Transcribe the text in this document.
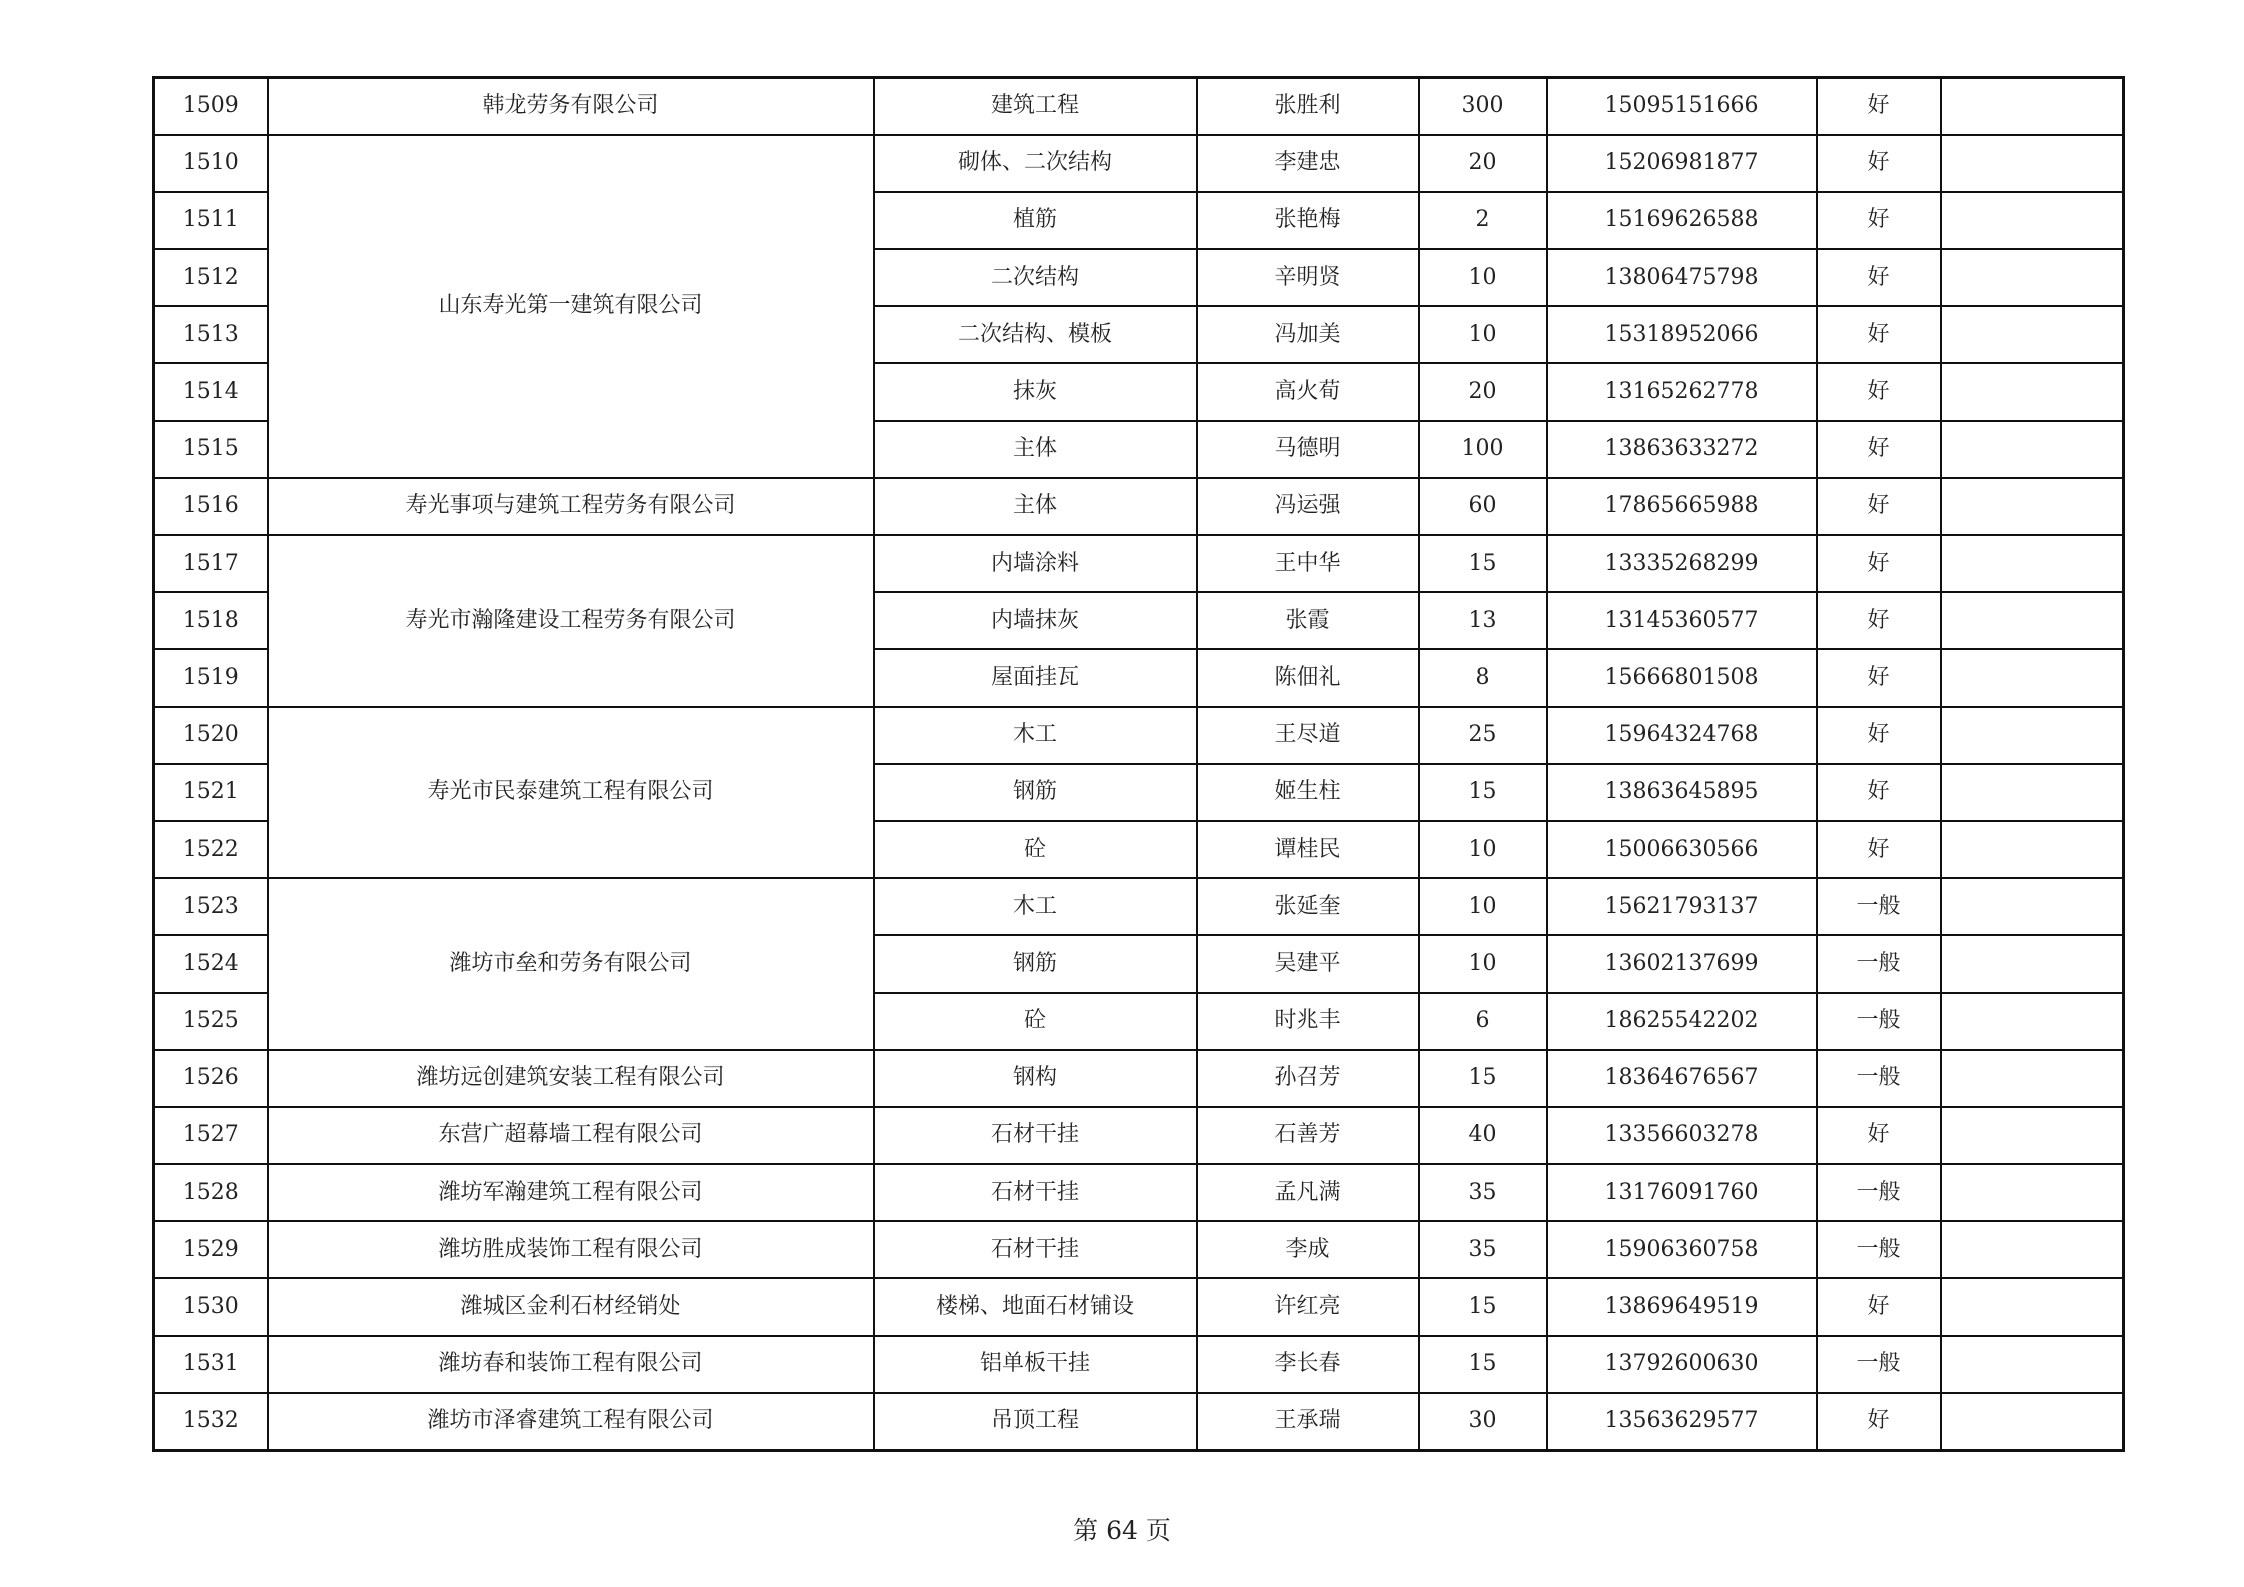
1509	韩龙劳务有限公司	建筑工程	张胜利	300	15095151666	好	
1510	山东寿光第一建筑有限公司	砌体、二次结构	李建忠	20	15206981877	好	
1511		植筋	张艳梅	2	15169626588	好	
1512		二次结构	辛明贤	10	13806475798	好	
1513		二次结构、模板	冯加美	10	15318952066	好	
1514		抹灰	高火荀	20	13165262778	好	
1515		主体	马德明	100	13863633272	好	
1516	寿光事项与建筑工程劳务有限公司	主体	冯运强	60	17865665988	好	
1517	寿光市瀚隆建设工程劳务有限公司	内墙涂料	王中华	15	13335268299	好	
1518		内墙抹灰	张霞	13	13145360577	好	
1519		屋面挂瓦	陈佃礼	8	15666801508	好	
1520	寿光市民泰建筑工程有限公司	木工	王尽道	25	15964324768	好	
1521		钢筋	姬生柱	15	13863645895	好	
1522		砼	谭桂民	10	15006630566	好	
1523	潍坊市垒和劳务有限公司	木工	张延奎	10	15621793137	一般	
1524		钢筋	吴建平	10	13602137699	一般	
1525		砼	时兆丰	6	18625542202	一般	
1526	潍坊远创建筑安装工程有限公司	钢构	孙召芳	15	18364676567	一般	
1527	东营广超幕墙工程有限公司	石材干挂	石善芳	40	13356603278	好	
1528	潍坊军瀚建筑工程有限公司	石材干挂	孟凡满	35	13176091760	一般	
1529	潍坊胜成装饰工程有限公司	石材干挂	李成	35	15906360758	一般	
1530	潍城区金利石材经销处	楼梯、地面石材铺设	许红亮	15	13869649519	好	
1531	潍坊春和装饰工程有限公司	铝单板干挂	李长春	15	13792600630	一般	
1532	潍坊市泽睿建筑工程有限公司	吊顶工程	王承瑞	30	13563629577	好	
第 64 页
